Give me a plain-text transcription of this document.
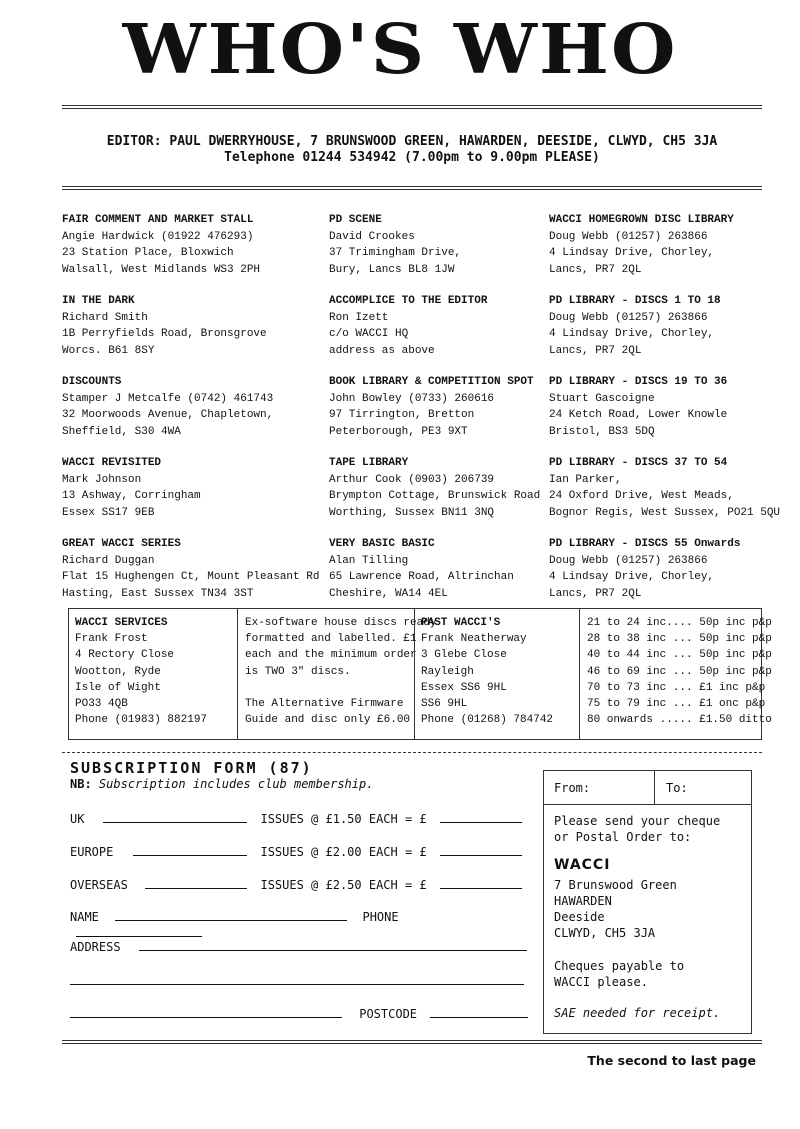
WHO'S WHO
EDITOR: PAUL DWERRYHOUSE, 7 BRUNSWOOD GREEN, HAWARDEN, DEESIDE, CLWYD, CH5 3JA
Telephone 01244 534942 (7.00pm to 9.00pm PLEASE)
FAIR COMMENT AND MARKET STALL
Angie Hardwick (01922 476293)
23 Station Place, Bloxwich
Walsall, West Midlands WS3 2PH
IN THE DARK
Richard Smith
1B Perryfields Road, Bronsgrove
Worcs. B61 8SY
DISCOUNTS
Stamper J Metcalfe (0742) 461743
32 Moorwoods Avenue, Chapletown,
Sheffield, S30 4WA
WACCI REVISITED
Mark Johnson
13 Ashway, Corringham
Essex SS17 9EB
GREAT WACCI SERIES
Richard Duggan
Flat 15 Hughengen Ct, Mount Pleasant Rd
Hasting, East Sussex TN34 3ST
PD SCENE
David Crookes
37 Trimingham Drive,
Bury, Lancs BL8 1JW
ACCOMPLICE TO THE EDITOR
Ron Izett
c/o WACCI HQ
address as above
BOOK LIBRARY & COMPETITION SPOT
John Bowley (0733) 260616
97 Tirrington, Bretton
Peterborough, PE3 9XT
TAPE LIBRARY
Arthur Cook (0903) 206739
Brympton Cottage, Brunswick Road
Worthing, Sussex BN11 3NQ
VERY BASIC BASIC
Alan Tilling
65 Lawrence Road, Altrinchan
Cheshire, WA14 4EL
WACCI HOMEGROWN DISC LIBRARY
Doug Webb (01257) 263866
4 Lindsay Drive, Chorley,
Lancs, PR7 2QL
PD LIBRARY - DISCS 1 TO 18
Doug Webb (01257) 263866
4 Lindsay Drive, Chorley,
Lancs, PR7 2QL
PD LIBRARY - DISCS 19 TO 36
Stuart Gascoigne
24 Ketch Road, Lower Knowle
Bristol, BS3 5DQ
PD LIBRARY - DISCS 37 TO 54
Ian Parker,
24 Oxford Drive, West Meads,
Bognor Regis, West Sussex, PO21 5QU
PD LIBRARY - DISCS 55 Onwards
Doug Webb (01257) 263866
4 Lindsay Drive, Chorley,
Lancs, PR7 2QL
WACCI SERVICES
Frank Frost
4 Rectory Close
Wootton, Ryde
Isle of Wight
PO33 4QB
Phone (01983) 882197
Ex-software house discs ready
formatted and labelled. £1
each and the minimum order
is TWO 3" discs.
The Alternative Firmware
Guide and disc only £6.00
PAST WACCI'S
Frank Neatherway
3 Glebe Close
Rayleigh
Essex SS6 9HL
SS6 9HL
Phone (01268) 784742
21 to 24 inc.... 50p inc p&p
28 to 38 inc ... 50p inc p&p
40 to 44 inc ... 50p inc p&p
46 to 69 inc ... 50p inc p&p
70 to 73 inc ... £1 inc p&p
75 to 79 inc ... £1 onc p&p
80 onwards ..... £1.50 ditto
SUBSCRIPTION FORM (87)
NB: Subscription includes club membership.
UK	ISSUES @ £1.50 EACH = £
EUROPE	ISSUES @ £2.00 EACH = £
OVERSEAS	ISSUES @ £2.50 EACH = £
NAME	PHONE
ADDRESS
POSTCODE
From:	To:
Please send your cheque
or Postal Order to:
WACCI
7 Brunswood Green
HAWARDEN
Deeside
CLWYD, CH5 3JA
Cheques payable to
WACCI please.
SAE needed for receipt.
The second to last page
